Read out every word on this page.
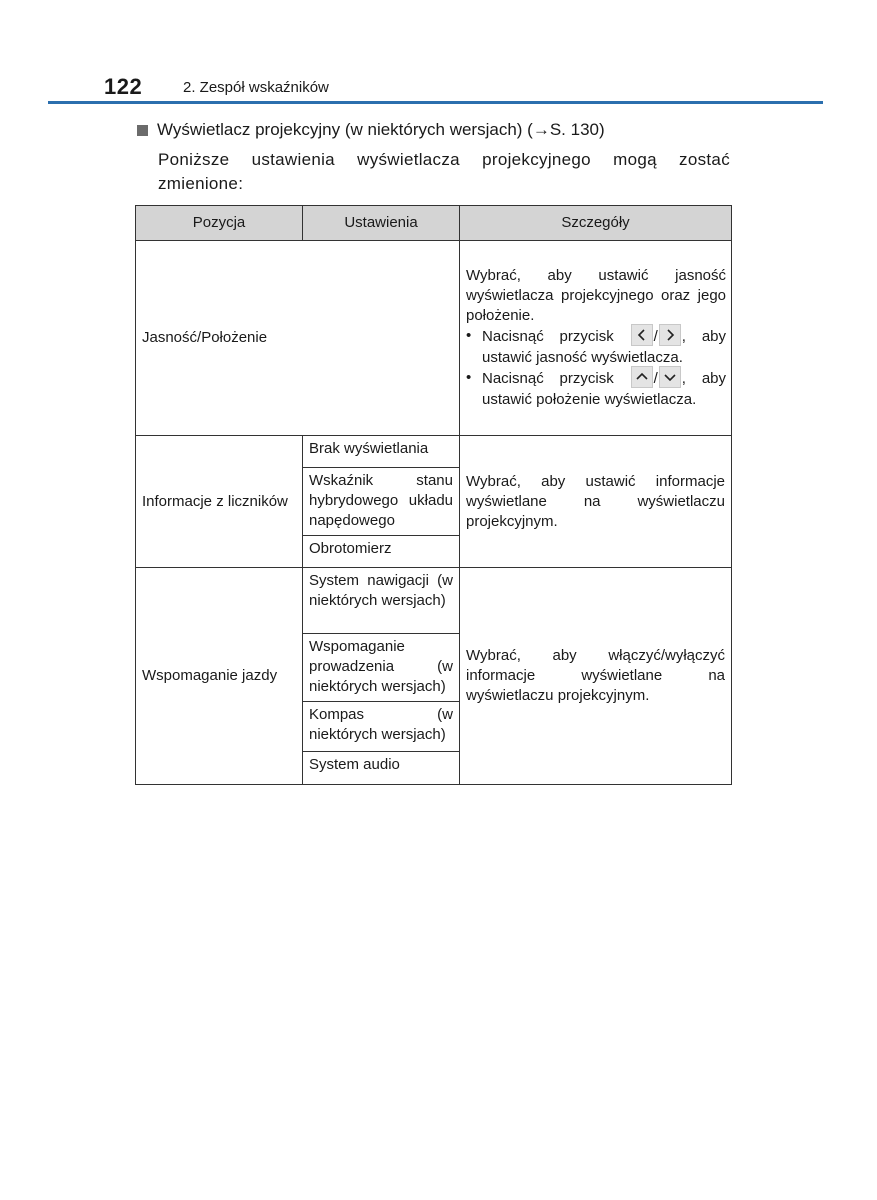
122	2. Zespół wskaźników
Wyświetlacz projekcyjny (w niektórych wersjach) (→S. 130)
Poniższe ustawienia wyświetlacza projekcyjnego mogą zostać zmienione:
Pozycja	Ustawienia	Szczegóły
Jasność/Położenie		Wybrać, aby ustawić jasność wyświetlacza projekcyjnego oraz jego położenie.
• Nacisnąć przycisk / , aby ustawić jasność wyświetlacza.
• Nacisnąć przycisk / , aby ustawić położenie wyświetlacza.

Informacje z liczników	Brak wyświetlania	Wybrać, aby ustawić informacje wyświetlane na wyświetlaczu projekcyjnym.
	Wskaźnik stanu hybrydowego układu napędowego	
	Obrotomierz	
Wspomaganie jazdy	System nawigacji (w niektórych wersjach)	Wybrać, aby włączyć/wyłączyć informacje wyświetlane na wyświetlaczu projekcyjnym.
	Wspomaganie prowadzenia (w niektórych wersjach)	
	Kompas (w niektórych wersjach)	
	System audio	
